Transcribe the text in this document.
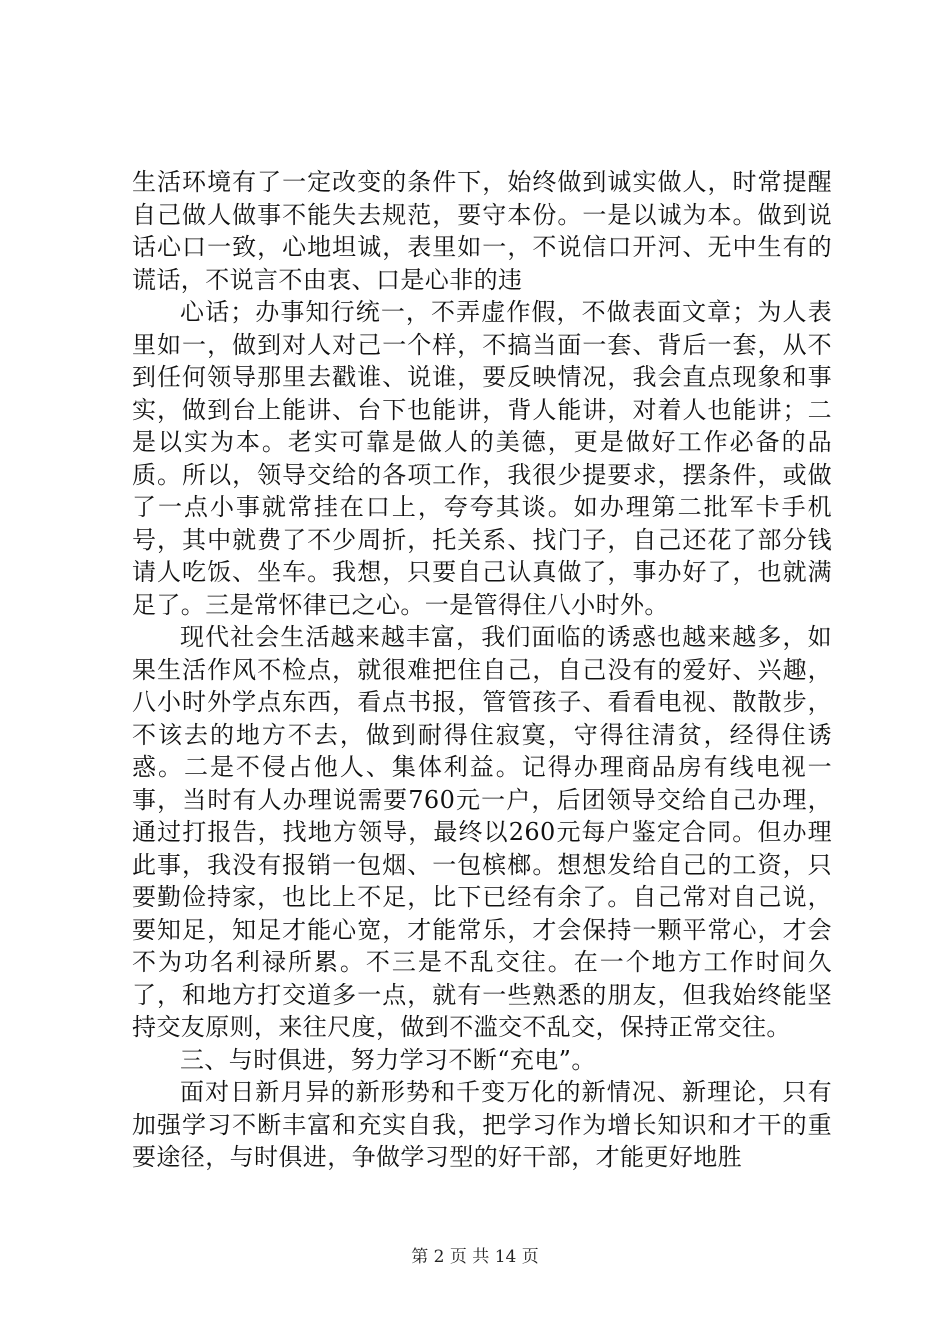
生活环境有了一定改变的条件下，始终做到诚实做人，时常提醒自己做人做事不能失去规范，要守本份。一是以诚为本。做到说话心口一致，心地坦诚，表里如一，不说信口开河、无中生有的谎话，不说言不由衷、口是心非的违

心话；办事知行统一，不弄虚作假，不做表面文章；为人表里如一，做到对人对己一个样，不搞当面一套、背后一套，从不到任何领导那里去戳谁、说谁，要反映情况，我会直点现象和事实，做到台上能讲、台下也能讲，背人能讲，对着人也能讲；二是以实为本。老实可靠是做人的美德，更是做好工作必备的品质。所以，领导交给的各项工作，我很少提要求，摆条件，或做了一点小事就常挂在口上，夸夸其谈。如办理第二批军卡手机号，其中就费了不少周折，托关系、找门子，自己还花了部分钱请人吃饭、坐车。我想，只要自己认真做了，事办好了，也就满足了。三是常怀律已之心。一是管得住八小时外。

现代社会生活越来越丰富，我们面临的诱惑也越来越多，如果生活作风不检点，就很难把住自己，自己没有的爱好、兴趣，八小时外学点东西，看点书报，管管孩子、看看电视、散散步，不该去的地方不去，做到耐得住寂寞，守得往清贫，经得住诱惑。二是不侵占他人、集体利益。记得办理商品房有线电视一事，当时有人办理说需要760元一户，后团领导交给自己办理，通过打报告，找地方领导，最终以260元每户鉴定合同。但办理此事，我没有报销一包烟、一包槟榔。想想发给自己的工资，只要勤俭持家，也比上不足，比下已经有余了。自己常对自己说，要知足，知足才能心宽，才能常乐，才会保持一颗平常心，才会不为功名利禄所累。不三是不乱交往。在一个地方工作时间久了，和地方打交道多一点，就有一些熟悉的朋友，但我始终能坚持交友原则，来往尺度，做到不滥交不乱交，保持正常交往。

三、与时俱进，努力学习不断“充电”。

面对日新月异的新形势和千变万化的新情况、新理论，只有加强学习不断丰富和充实自我，把学习作为增长知识和才干的重要途径，与时俱进，争做学习型的好干部，才能更好地胜

第 2 页 共 14 页
